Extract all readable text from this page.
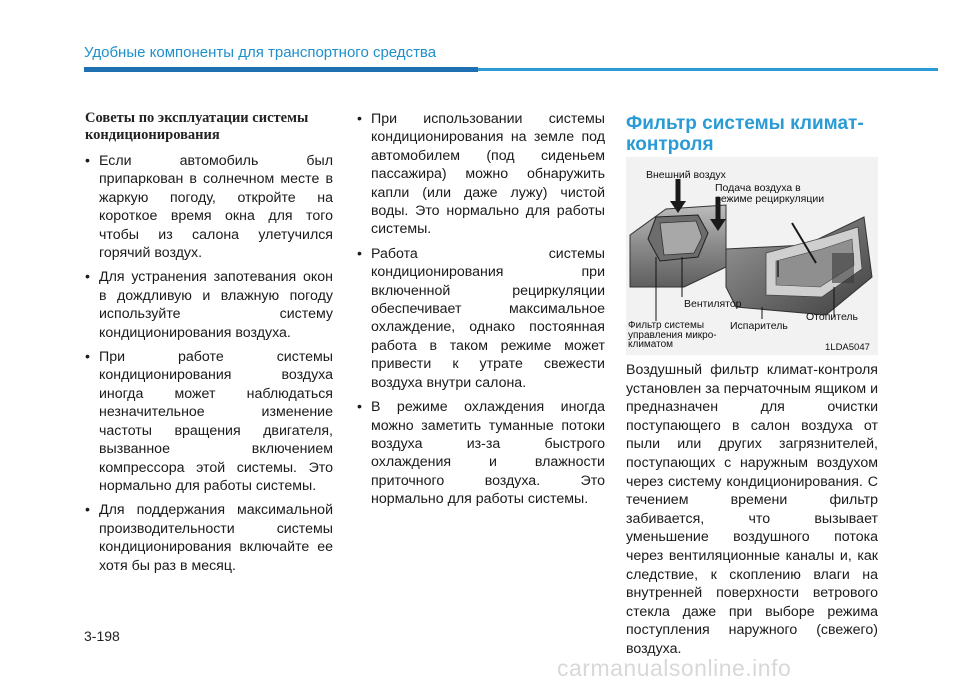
Удобные компоненты для транспортного средства
Советы по эксплуатации системы кондиционирования
• Если автомобиль был припаркован в солнечном месте в жаркую погоду, откройте на короткое время окна для того чтобы из салона улетучился горячий воздух.
• Для устранения запотевания окон в дождливую и влажную погоду используйте систему кондиционирования воздуха.
• При работе системы кондиционирования воздуха иногда может наблюдаться незначительное изменение частоты вращения двигателя, вызванное включением компрессора этой системы. Это нормально для работы системы.
• Для поддержания максимальной производительности системы кондиционирования включайте ее хотя бы раз в месяц.
• При использовании системы кондиционирования на земле под автомобилем (под сиденьем пассажира) можно обнаружить капли (или даже лужу) чистой воды. Это нормально для работы системы.
• Работа системы кондиционирования при включенной рециркуляции обеспечивает максимальное охлаждение, однако постоянная работа в таком режиме может привести к утрате свежести воздуха внутри салона.
• В режиме охлаждения иногда можно заметить туманные потоки воздуха из-за быстрого охлаждения и влажности приточного воздуха. Это нормально для работы системы.
Фильтр системы климат-контроля
Внешний воздух
Подача воздуха в режиме рециркуляции
Вентилятор
Фильтр системы управления микро-климатом
Испаритель
Отопитель
1LDA5047
Воздушный фильтр климат-контроля установлен за перчаточным ящиком и предназначен для очистки поступающего в салон воздуха от пыли или других загрязнителей, поступающих с наружным воздухом через систему кондиционирования. С течением времени фильтр забивается, что вызывает уменьшение воздушного потока через вентиляционные каналы и, как следствие, к скоплению влаги на внутренней поверхности ветрового стекла даже при выборе режима поступления наружного (свежего) воздуха.
3-198
carmanualsonline.info
